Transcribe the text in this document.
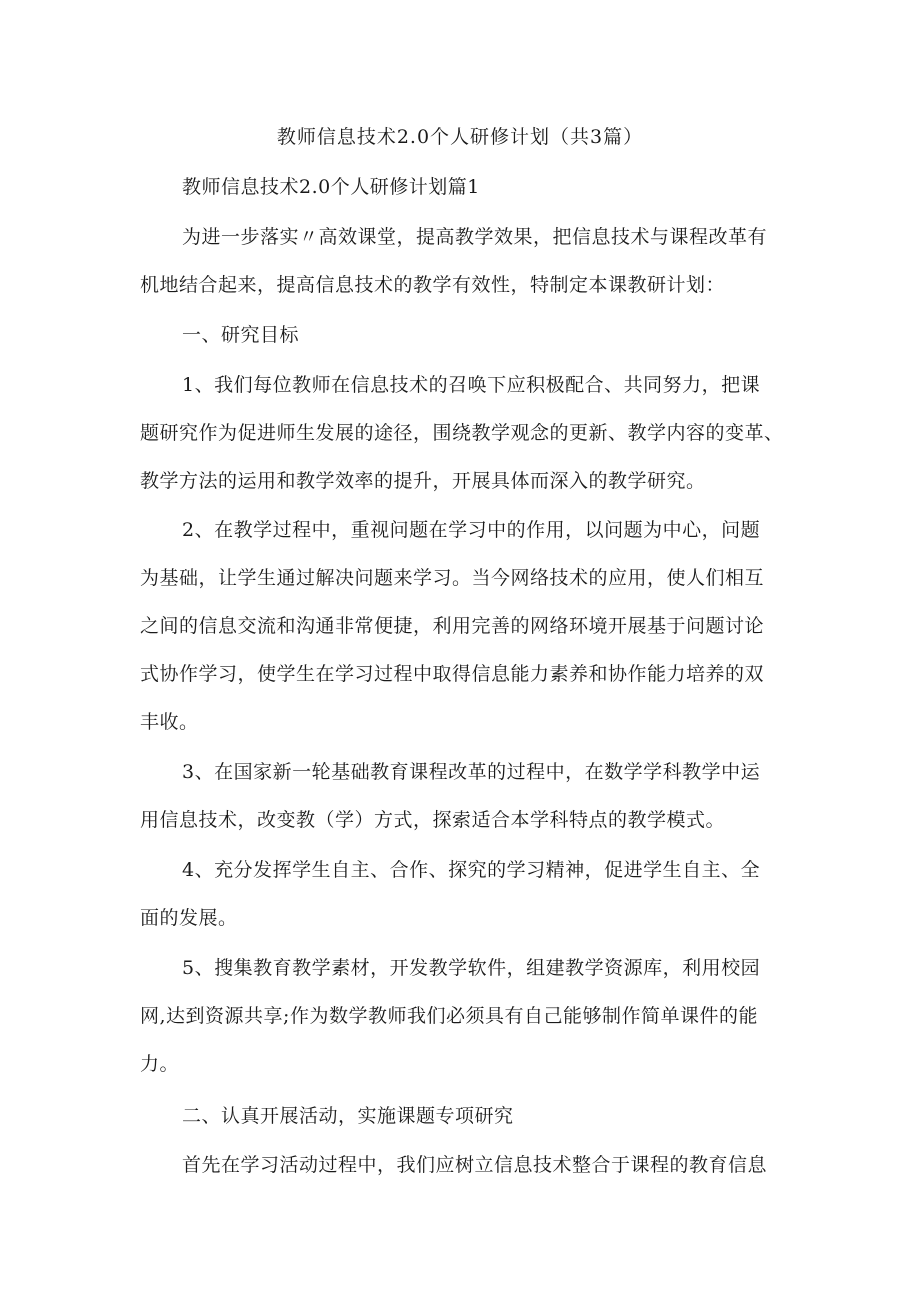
教师信息技术2.0个人研修计划（共3篇）
教师信息技术2.0个人研修计划篇1
为进一步落实〃高效课堂，提高教学效果，把信息技术与课程改革有
机地结合起来，提高信息技术的教学有效性，特制定本课教研计划：
一、研究目标
1、我们每位教师在信息技术的召唤下应积极配合、共同努力，把课
题研究作为促进师生发展的途径，围绕教学观念的更新、教学内容的变革、
教学方法的运用和教学效率的提升，开展具体而深入的教学研究。
2、在教学过程中，重视问题在学习中的作用，以问题为中心，问题
为基础，让学生通过解决问题来学习。当今网络技术的应用，使人们相互
之间的信息交流和沟通非常便捷，利用完善的网络环境开展基于问题讨论
式协作学习，使学生在学习过程中取得信息能力素养和协作能力培养的双
丰收。
3、在国家新一轮基础教育课程改革的过程中，在数学学科教学中运
用信息技术，改变教（学）方式，探索适合本学科特点的教学模式。
4、充分发挥学生自主、合作、探究的学习精神，促进学生自主、全
面的发展。
5、搜集教育教学素材，开发教学软件，组建教学资源库，利用校园
网,达到资源共享;作为数学教师我们必须具有自己能够制作简单课件的能
力。
二、认真开展活动，实施课题专项研究
首先在学习活动过程中，我们应树立信息技术整合于课程的教育信息
